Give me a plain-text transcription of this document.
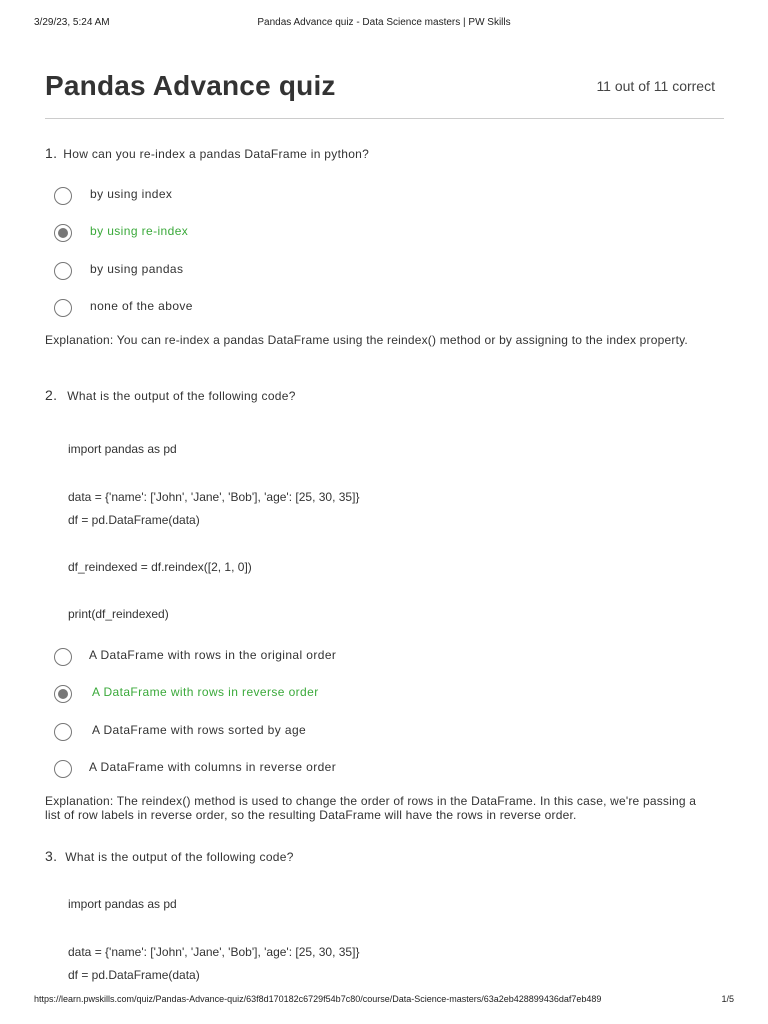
3/29/23, 5:24 AM	Pandas Advance quiz - Data Science masters | PW Skills
Pandas Advance quiz	11 out of 11 correct
1. How can you re-index a pandas DataFrame in python?
by using index
by using re-index
by using pandas
none of the above
Explanation: You can re-index a pandas DataFrame using the reindex() method or by assigning to the index property.
2. What is the output of the following code?
import pandas as pd
data = {'name': ['John', 'Jane', 'Bob'], 'age': [25, 30, 35]}
df = pd.DataFrame(data)
df_reindexed = df.reindex([2, 1, 0])
print(df_reindexed)
A DataFrame with rows in the original order
A DataFrame with rows in reverse order
A DataFrame with rows sorted by age
A DataFrame with columns in reverse order
Explanation: The reindex() method is used to change the order of rows in the DataFrame. In this case, we're passing a list of row labels in reverse order, so the resulting DataFrame will have the rows in reverse order.
3. What is the output of the following code?
import pandas as pd
data = {'name': ['John', 'Jane', 'Bob'], 'age': [25, 30, 35]}
df = pd.DataFrame(data)
https://learn.pwskills.com/quiz/Pandas-Advance-quiz/63f8d170182c6729f54b7c80/course/Data-Science-masters/63a2eb428899436daf7eb489	1/5
